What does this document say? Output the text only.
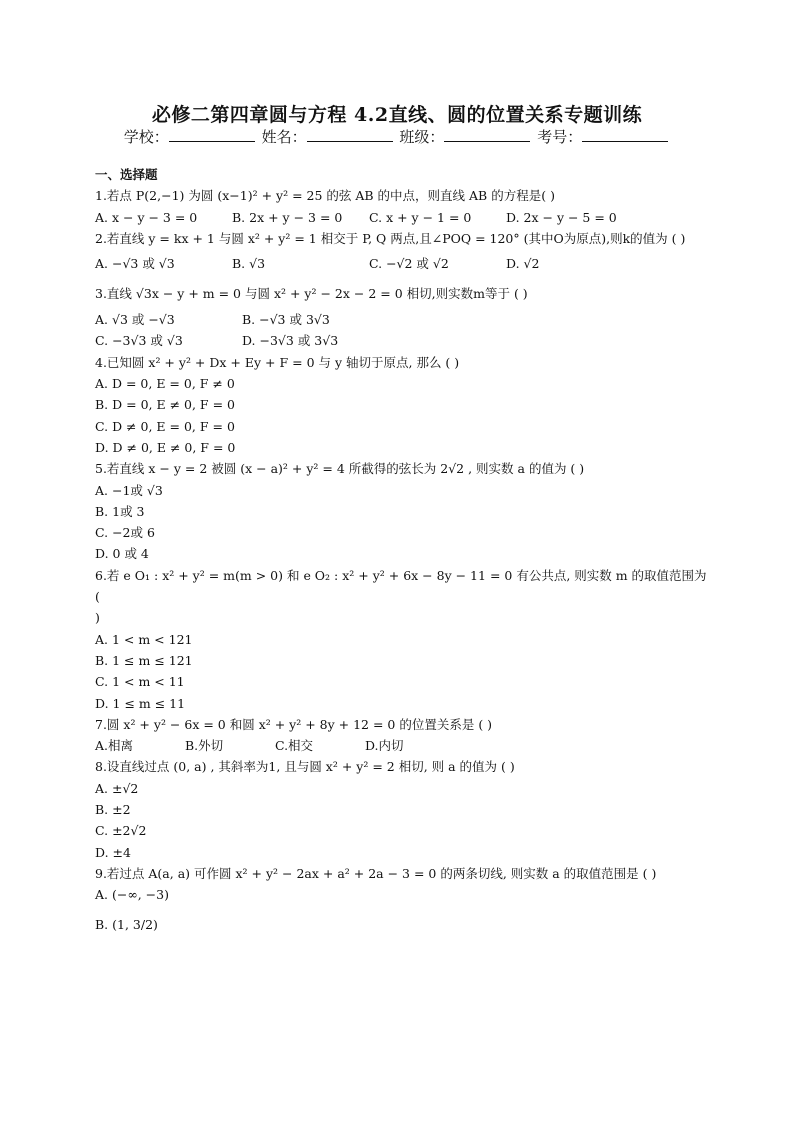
必修二第四章圆与方程 4.2直线、圆的位置关系专题训练
学校：	姓名：	班级：	考号：
一、选择题
1.若点 P(2,−1) 为圆 (x−1)² + y² = 25 的弦 AB 的中点，则直线 AB 的方程是( )
A. x − y − 3 = 0	B. 2x + y − 3 = 0	C. x + y − 1 = 0	D. 2x − y − 5 = 0
2.若直线 y = kx + 1 与圆 x² + y² = 1 相交于 P, Q 两点,且∠POQ = 120° (其中O为原点),则k的值为 ( )
A. −√3 或 √3	B. √3	C. −√2 或 √2	D. √2
3.直线 √3x − y + m = 0 与圆 x² + y² − 2x − 2 = 0 相切,则实数m等于 ( )
A. √3 或 −√3	B. −√3 或 3√3
C. −3√3 或 √3	D. −3√3 或 3√3
4.已知圆 x² + y² + Dx + Ey + F = 0 与 y 轴切于原点, 那么 ( )
A. D = 0, E = 0, F ≠ 0
B. D = 0, E ≠ 0, F = 0
C. D ≠ 0, E = 0, F = 0
D. D ≠ 0, E ≠ 0, F = 0
5.若直线 x − y = 2 被圆 (x − a)² + y² = 4 所截得的弦长为 2√2 , 则实数 a 的值为 ( )
A. −1或 √3
B. 1或 3
C. −2或 6
D. 0 或 4
6.若 e O₁ : x² + y² = m(m > 0) 和 e O₂ : x² + y² + 6x − 8y − 11 = 0 有公共点, 则实数 m 的取值范围为 (
)
A. 1 < m < 121
B. 1 ≤ m ≤ 121
C. 1 < m < 11
D. 1 ≤ m ≤ 11
7.圆 x² + y² − 6x = 0 和圆 x² + y² + 8y + 12 = 0 的位置关系是 ( )
A.相离	B.外切	C.相交	D.内切
8.设直线过点 (0, a) , 其斜率为1, 且与圆 x² + y² = 2 相切, 则 a 的值为 ( )
A. ±√2
B. ±2
C. ±2√2
D. ±4
9.若过点 A(a, a) 可作圆 x² + y² − 2ax + a² + 2a − 3 = 0 的两条切线, 则实数 a 的取值范围是 ( )
A. (−∞, −3)
B. (1, 3/2)
